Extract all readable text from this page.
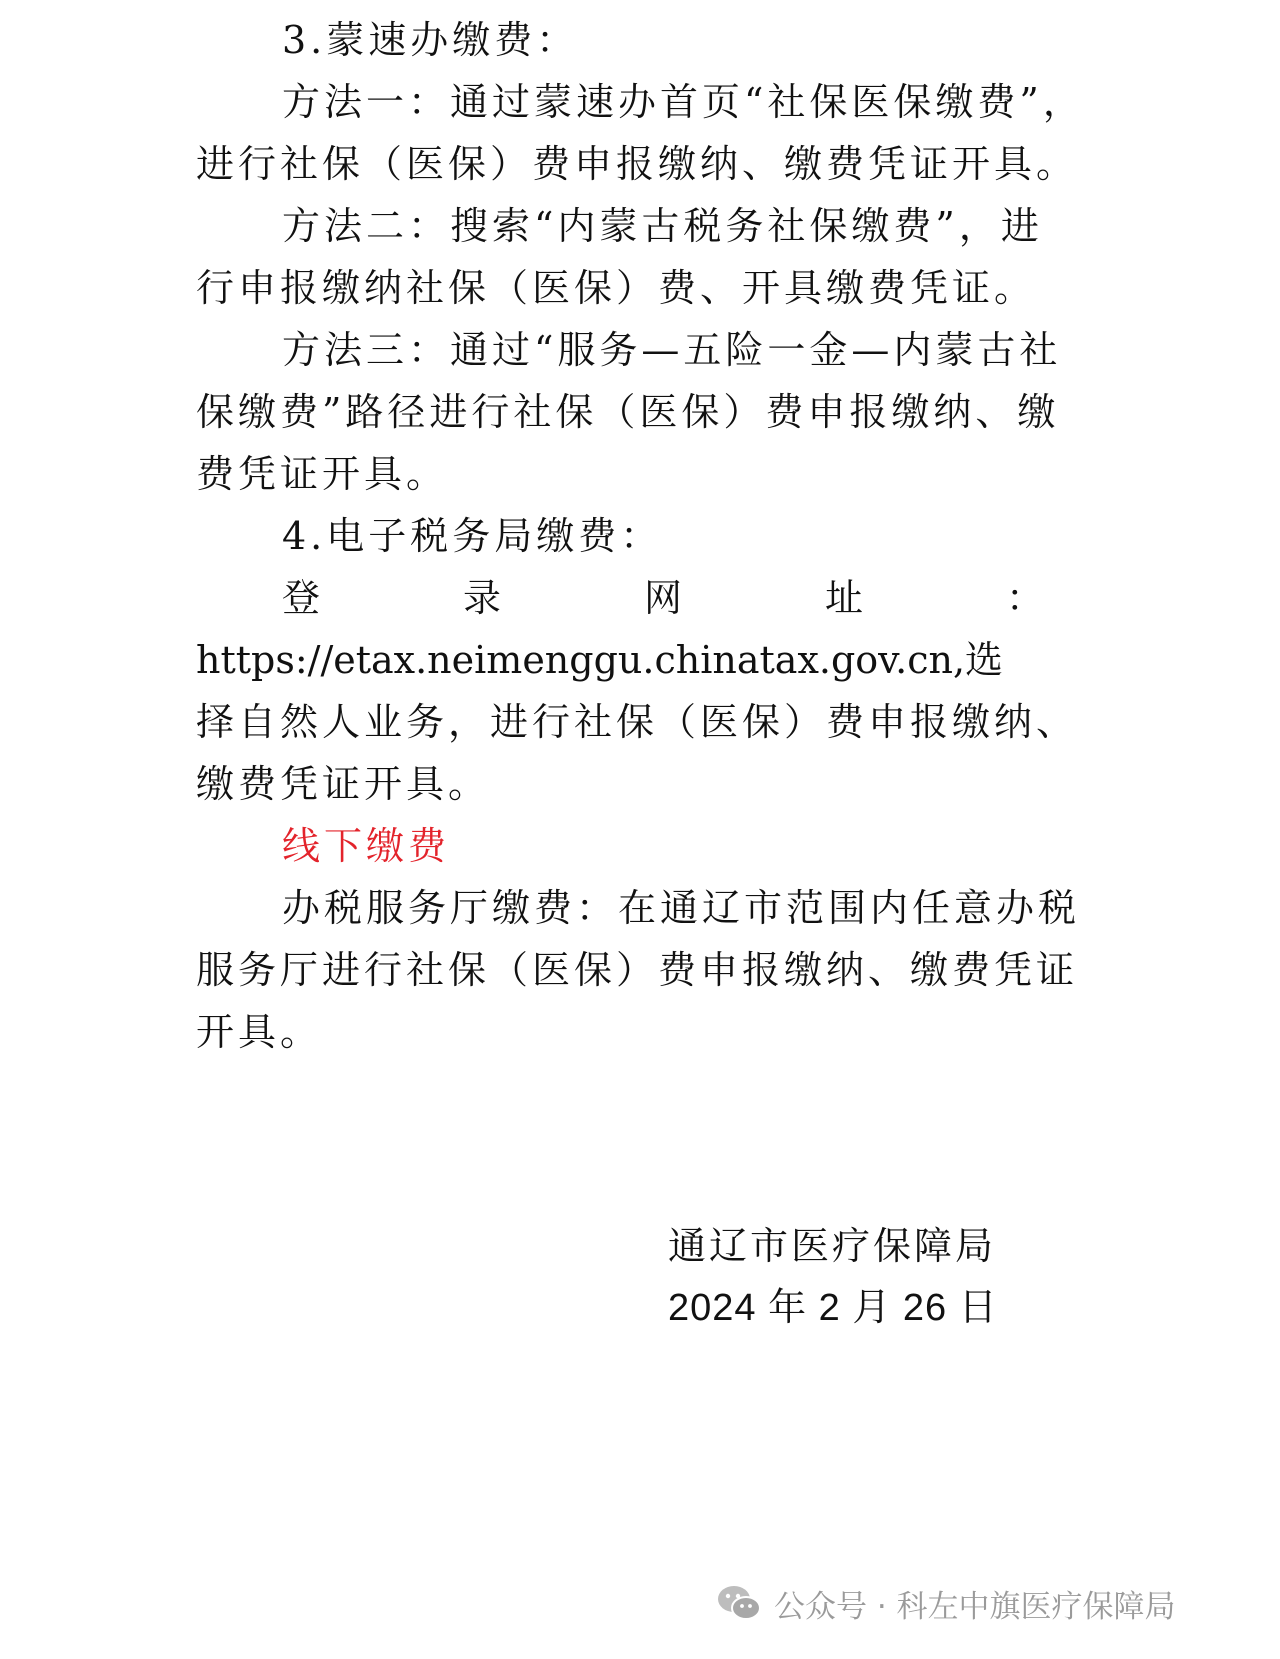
3.蒙速办缴费：
方法一：通过蒙速办首页“社保医保缴费”，
进行社保（医保）费申报缴纳、缴费凭证开具。
方法二：搜索“内蒙古税务社保缴费”，进
行申报缴纳社保（医保）费、开具缴费凭证。
方法三：通过“服务—五险一金—内蒙古社
保缴费”路径进行社保（医保）费申报缴纳、缴
费凭证开具。
4.电子税务局缴费：
登	录	网	址	：
https://etax.neimenggu.chinatax.gov.cn,选
择自然人业务，进行社保（医保）费申报缴纳、
缴费凭证开具。
线下缴费
办税服务厅缴费：在通辽市范围内任意办税
服务厅进行社保（医保）费申报缴纳、缴费凭证
开具。
通辽市医疗保障局
2024 年 2 月 26 日
公众号 · 科左中旗医疗保障局
